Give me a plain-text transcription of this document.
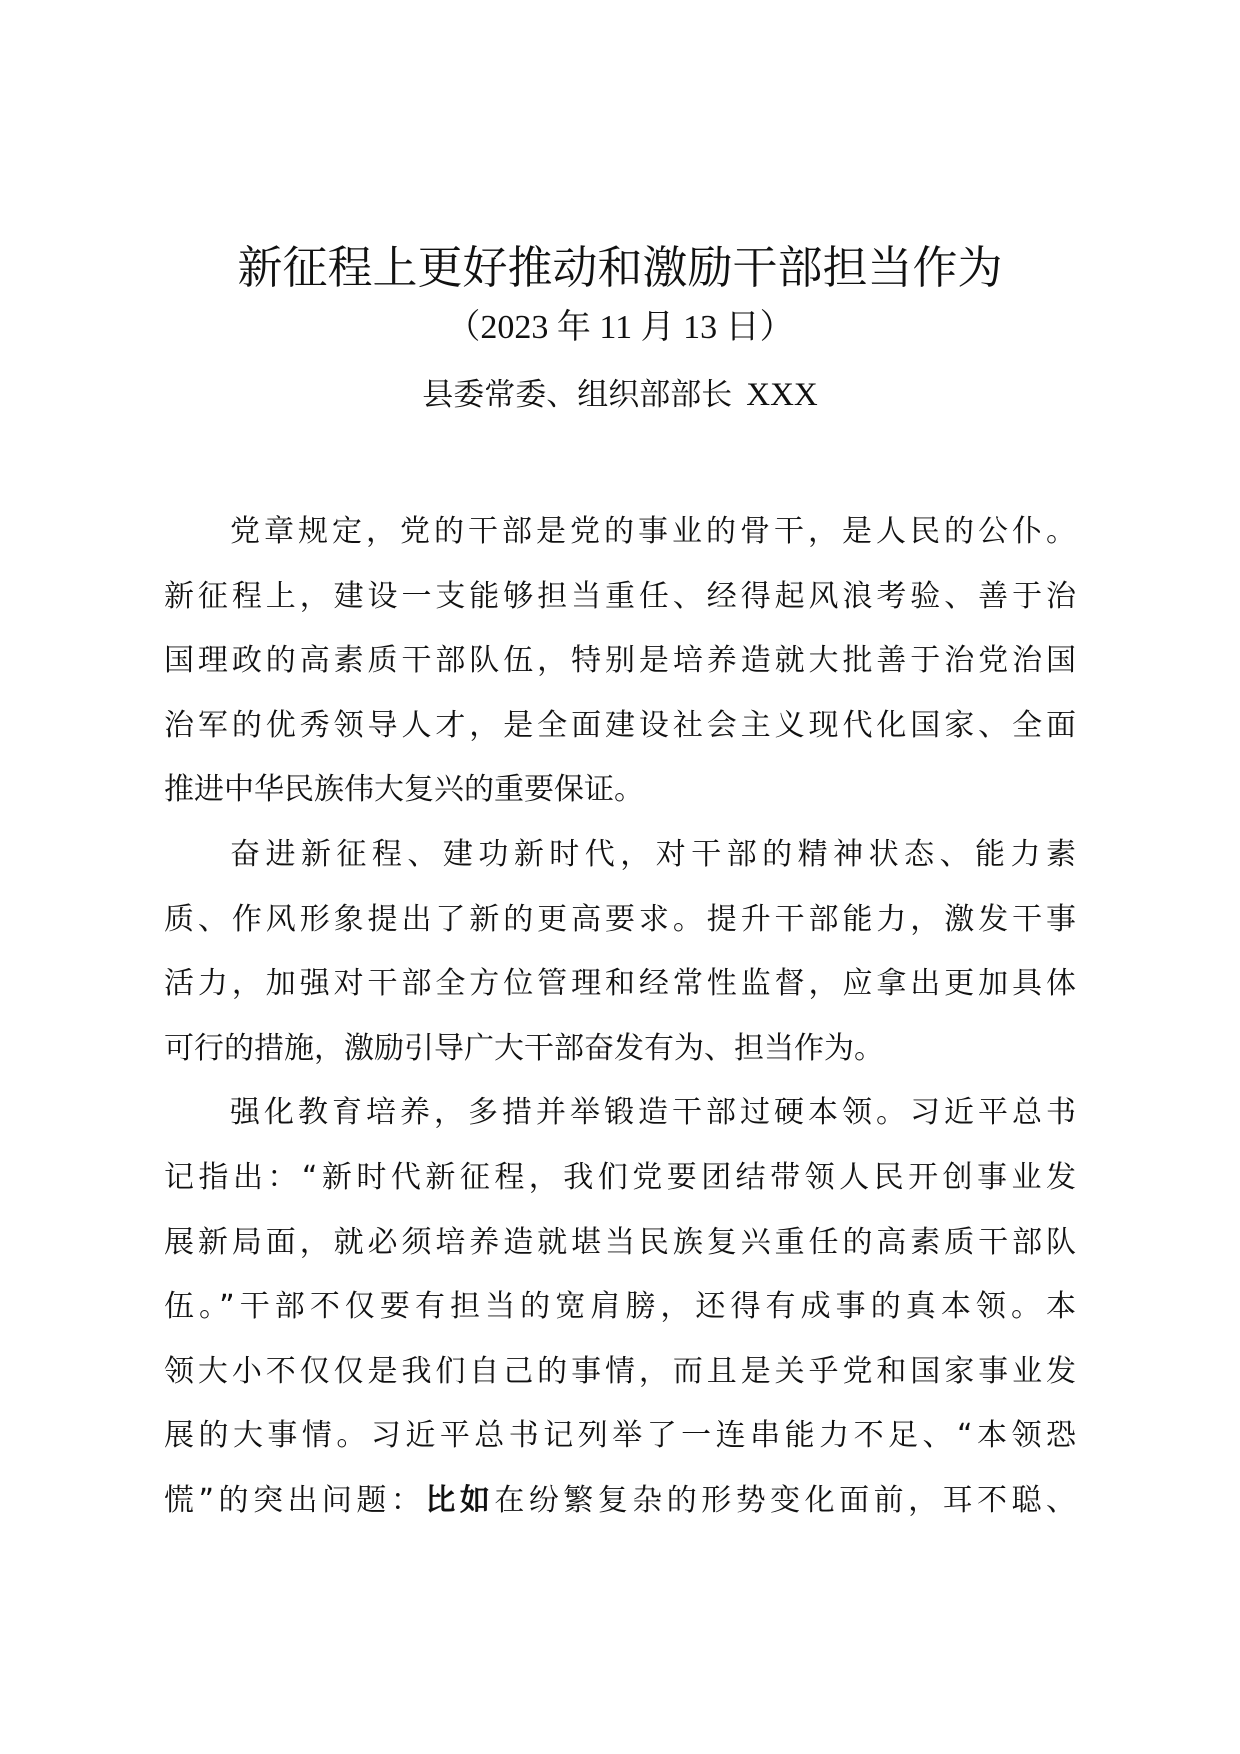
新征程上更好推动和激励干部担当作为
（2023 年 11 月 13 日）
县委常委、组织部部长 XXX
党章规定，党的干部是党的事业的骨干，是人民的公仆。
新征程上，建设一支能够担当重任、经得起风浪考验、善于治
国理政的高素质干部队伍，特别是培养造就大批善于治党治国
治军的优秀领导人才，是全面建设社会主义现代化国家、全面
推进中华民族伟大复兴的重要保证。
奋进新征程、建功新时代，对干部的精神状态、能力素
质、作风形象提出了新的更高要求。提升干部能力，激发干事
活力，加强对干部全方位管理和经常性监督，应拿出更加具体
可行的措施，激励引导广大干部奋发有为、担当作为。
强化教育培养，多措并举锻造干部过硬本领。习近平总书
记指出：“新时代新征程，我们党要团结带领人民开创事业发
展新局面，就必须培养造就堪当民族复兴重任的高素质干部队
伍。”干部不仅要有担当的宽肩膀，还得有成事的真本领。本
领大小不仅仅是我们自己的事情，而且是关乎党和国家事业发
展的大事情。习近平总书记列举了一连串能力不足、“本领恐
慌”的突出问题：比如在纷繁复杂的形势变化面前，耳不聪、
